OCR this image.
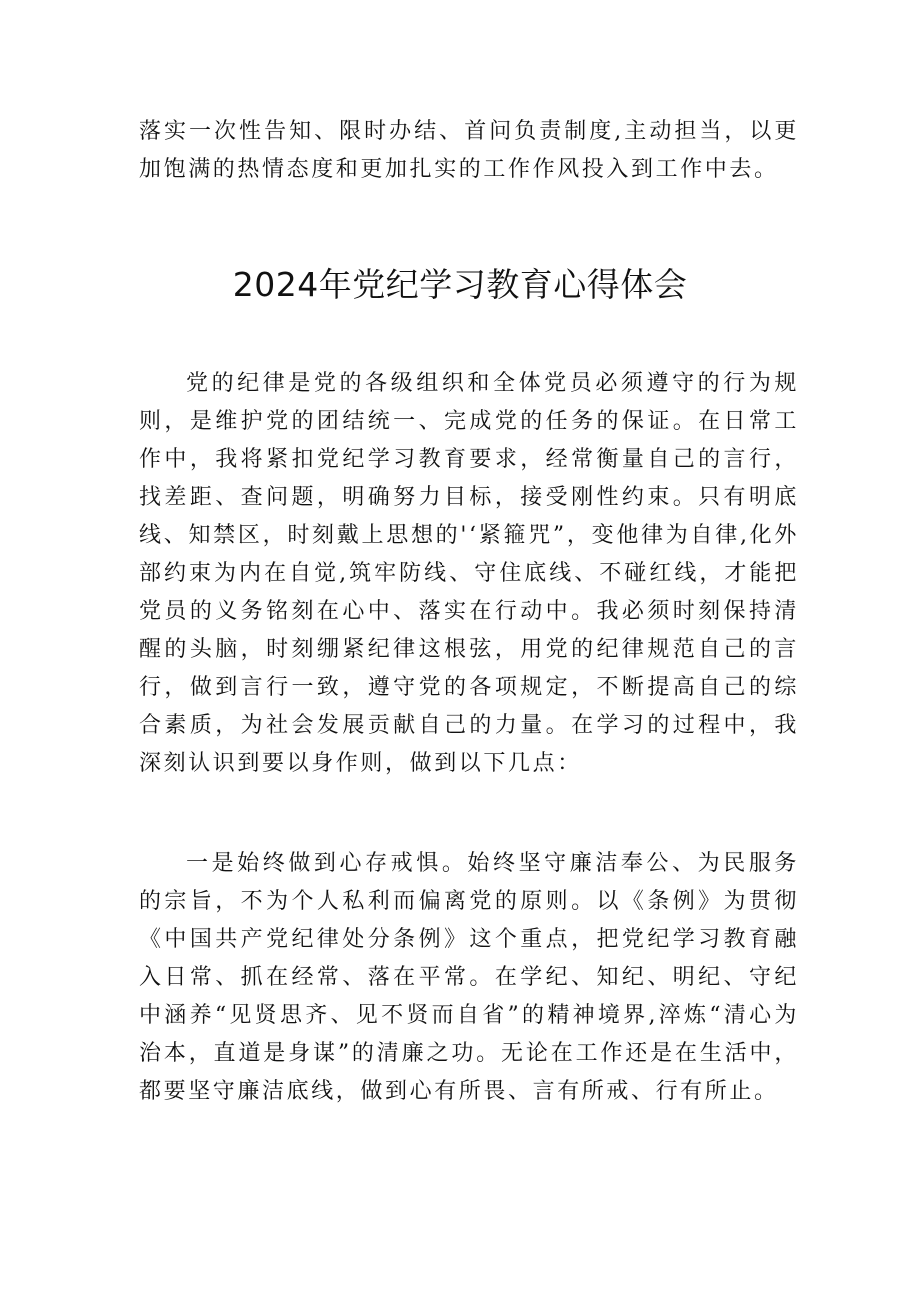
落实一次性告知、限时办结、首问负责制度,主动担当，以更加饱满的热情态度和更加扎实的工作作风投入到工作中去。

2024年党纪学习教育心得体会

党的纪律是党的各级组织和全体党员必须遵守的行为规则，是维护党的团结统一、完成党的任务的保证。在日常工作中，我将紧扣党纪学习教育要求，经常衡量自己的言行，找差距、查问题，明确努力目标，接受刚性约束。只有明底线、知禁区，时刻戴上思想的'‘紧箍咒”，变他律为自律,化外部约束为内在自觉,筑牢防线、守住底线、不碰红线，才能把党员的义务铭刻在心中、落实在行动中。我必须时刻保持清醒的头脑，时刻绷紧纪律这根弦，用党的纪律规范自己的言行，做到言行一致，遵守党的各项规定，不断提高自己的综合素质，为社会发展贡献自己的力量。在学习的过程中，我深刻认识到要以身作则，做到以下几点：

一是始终做到心存戒惧。始终坚守廉洁奉公、为民服务的宗旨，不为个人私利而偏离党的原则。以《条例》为贯彻《中国共产党纪律处分条例》这个重点，把党纪学习教育融入日常、抓在经常、落在平常。在学纪、知纪、明纪、守纪中涵养“见贤思齐、见不贤而自省”的精神境界,淬炼“清心为治本，直道是身谋”的清廉之功。无论在工作还是在生活中，都要坚守廉洁底线，做到心有所畏、言有所戒、行有所止。
